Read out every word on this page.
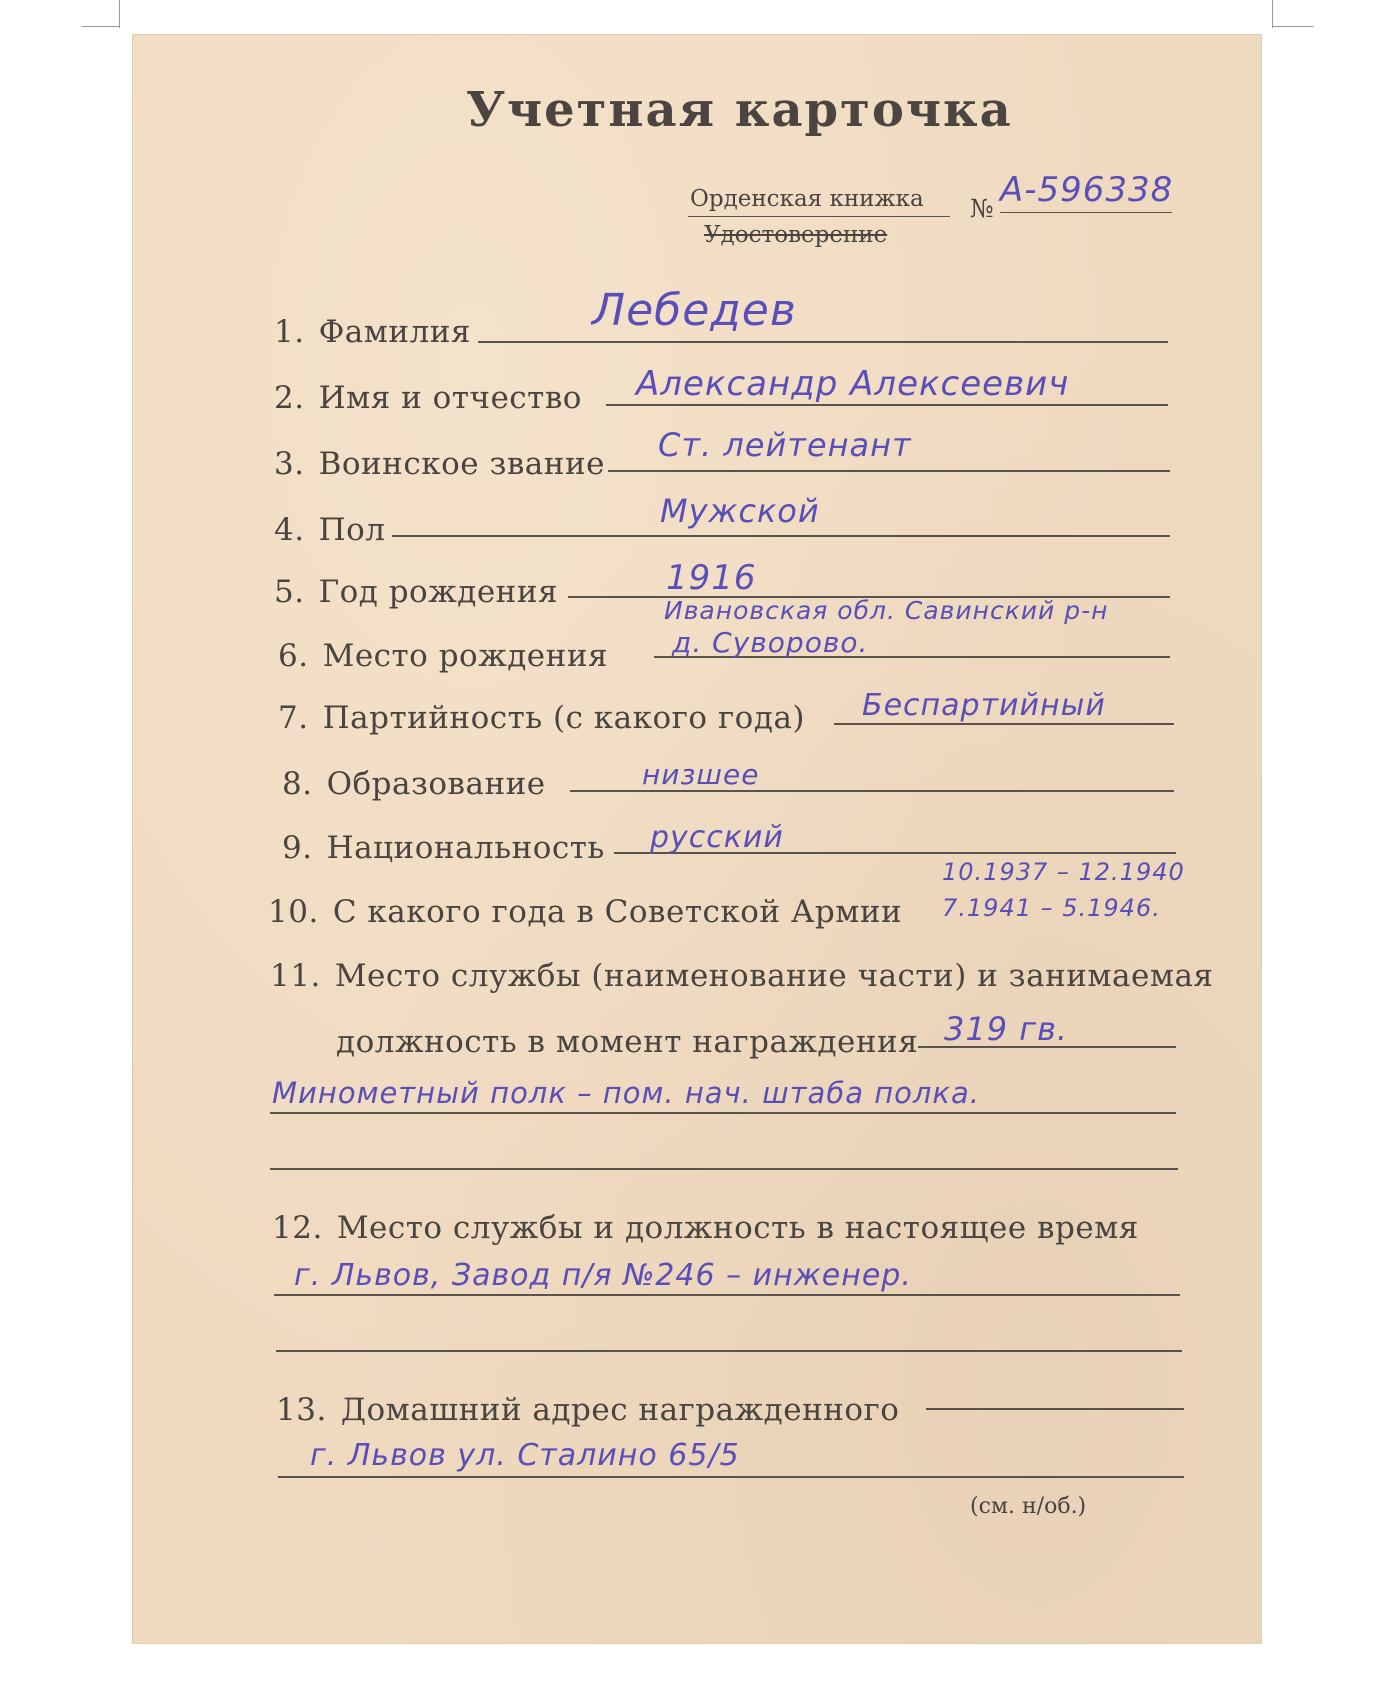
Учетная карточка
Орденская книжка
Удостоверение
№ А-596338
1. Фамилия	Лебедев
2. Имя и отчество Александр Алексеевич
3. Воинское звание Ст. лейтенант
4. Пол	Мужской
5. Год рождения	1916
6. Место рождения
Ивановская обл. Савинский р-н
д. Суворово.
7. Партийность (с какого года) Беспартийный
8. Образование	низшее
9. Национальность русский
10. С какого года в Советской Армии
10.1937 – 12.1940
7.1941 – 5.1946.
11. Место службы (наименование части) и занимаемая
должность в момент награждения 319 гв.
Минометный полк – пом. нач. штаба полка.
12. Место службы и должность в настоящее время
г. Львов, Завод п/я №246 – инженер.
13. Домашний адрес награжденного
г. Львов ул. Сталино 65/5
(см. н/об.)
